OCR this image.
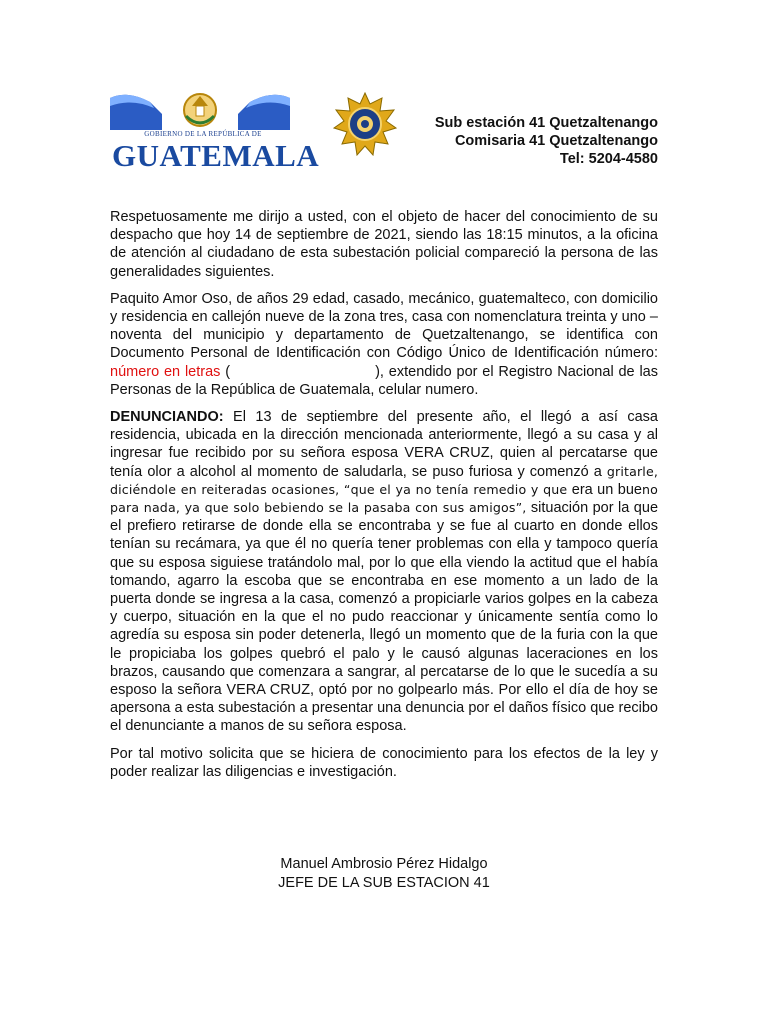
GOBIERNO DE LA REPÚBLICA DE
GUATEMALA
Sub estación 41 Quetzaltenango
Comisaria 41 Quetzaltenango
Tel: 5204-4580

Respetuosamente me dirijo a usted, con el objeto de hacer del conocimiento de su despacho que hoy 14 de septiembre de 2021, siendo las 18:15 minutos, a la oficina de atención al ciudadano de esta subestación policial compareció la persona de las generalidades siguientes.

Paquito Amor Oso, de años 29 edad, casado, mecánico, guatemalteco, con domicilio y residencia en callejón nueve de la zona tres, casa con nomenclatura treinta y uno – noventa del municipio y departamento de Quetzaltenango, se identifica con Documento Personal de Identificación con Código Único de Identificación número: número en letras (                              ), extendido por el Registro Nacional de las Personas de la República de Guatemala, celular numero.

DENUNCIANDO: El 13 de septiembre del presente año, el llegó a así casa residencia, ubicada en la dirección mencionada anteriormente, llegó a su casa y al ingresar fue recibido por su señora esposa VERA CRUZ, quien al percatarse que tenía olor a alcohol al momento de saludarla, se puso furiosa y comenzó a gritarle, diciéndole en reiteradas ocasiones, “que el ya no tenía remedio y que era un bueno para nada, ya que solo bebiendo se la pasaba con sus amigos”, situación por la que el prefiero retirarse de donde ella se encontraba y se fue al cuarto en donde ellos tenían su recámara, ya que él no quería tener problemas con ella y tampoco quería que su esposa siguiese tratándolo mal, por lo que ella viendo la actitud que el había tomando, agarro la escoba que se encontraba en ese momento a un lado de la puerta donde se ingresa a la casa, comenzó a propiciarle varios golpes en la cabeza y cuerpo, situación en la que el no pudo reaccionar y únicamente sentía como lo agredía su esposa sin poder detenerla, llegó un momento que de la furia con la que le propiciaba los golpes quebró el palo y le causó algunas laceraciones en los brazos, causando que comenzara a sangrar, al percatarse de lo que le sucedía a su esposo la señora VERA CRUZ, optó por no golpearlo más. Por ello el día de hoy se apersona a esta subestación a presentar una denuncia por el daños físico que recibo el denunciante a manos de su señora esposa.

Por tal motivo solicita que se hiciera de conocimiento para los efectos de la ley y poder realizar las diligencias e investigación.

Manuel Ambrosio Pérez Hidalgo
JEFE DE LA SUB ESTACION 41
